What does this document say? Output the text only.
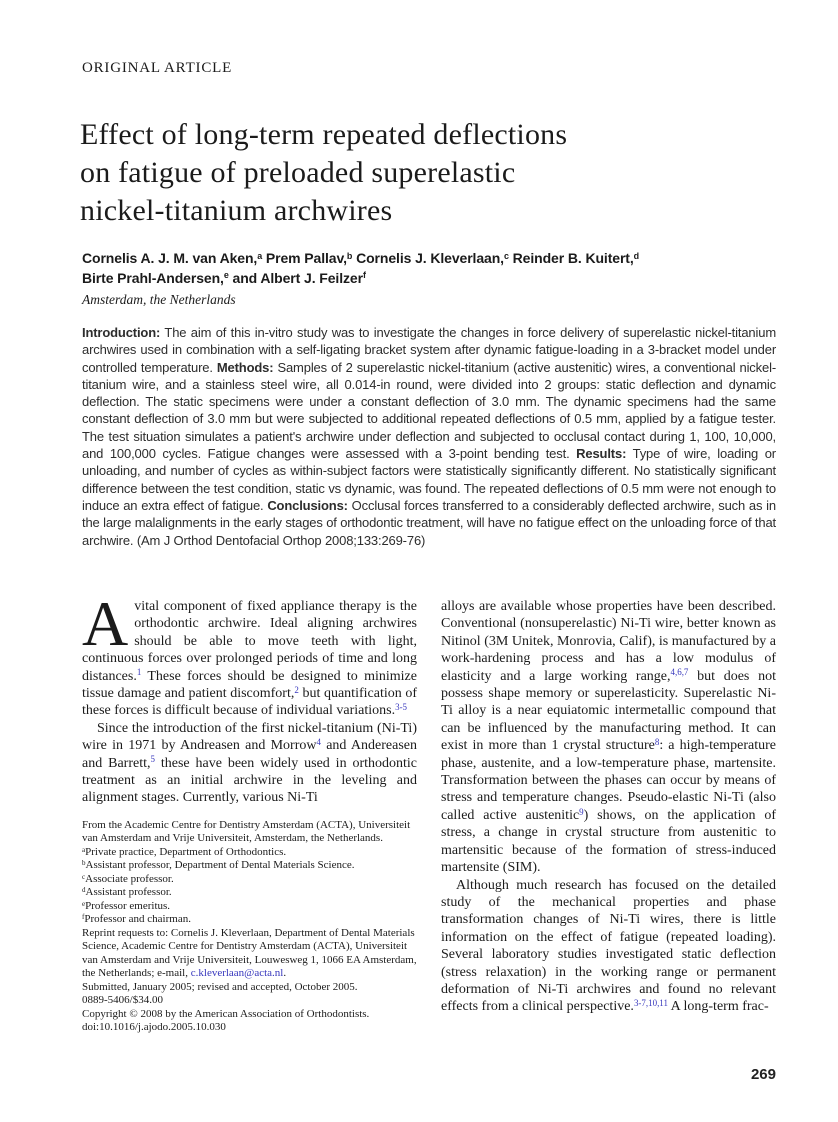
ORIGINAL ARTICLE
Effect of long-term repeated deflections
on fatigue of preloaded superelastic
nickel-titanium archwires
Cornelis A. J. M. van Aken,$^a$ Prem Pallav,$^b$ Cornelis J. Kleverlaan,$^c$ Reinder B. Kuitert,$^d$
Birte Prahl-Andersen,$^e$ and Albert J. Feilzer$^f$
Amsterdam, the Netherlands
Introduction: The aim of this in-vitro study was to investigate the changes in force delivery of superelastic nickel-titanium archwires used in combination with a self-ligating bracket system after dynamic fatigue-loading in a 3-bracket model under controlled temperature. Methods: Samples of 2 superelastic nickel-titanium (active austenitic) wires, a conventional nickel-titanium wire, and a stainless steel wire, all 0.014-in round, were divided into 2 groups: static deflection and dynamic deflection. The static specimens were under a constant deflection of 3.0 mm. The dynamic specimens had the same constant deflection of 3.0 mm but were subjected to additional repeated deflections of 0.5 mm, applied by a fatigue tester. The test situation simulates a patient's archwire under deflection and subjected to occlusal contact during 1, 100, 10,000, and 100,000 cycles. Fatigue changes were assessed with a 3-point bending test. Results: Type of wire, loading or unloading, and number of cycles as within-subject factors were statistically significantly different. No statistically significant difference between the test condition, static vs dynamic, was found. The repeated deflections of 0.5 mm were not enough to induce an extra effect of fatigue. Conclusions: Occlusal forces transferred to a considerably deflected archwire, such as in the large malalignments in the early stages of orthodontic treatment, will have no fatigue effect on the unloading force of that archwire. (Am J Orthod Dentofacial Orthop 2008;133:269-76)

Avital component of fixed appliance therapy is the orthodontic archwire. Ideal aligning archwires should be able to move teeth with light, continuous forces over prolonged periods of time and long distances.$^1$ These forces should be designed to minimize tissue damage and patient discomfort,$^2$ but quantification of these forces is difficult because of individual variations.$^{3-5}$

Since the introduction of the first nickel-titanium (Ni-Ti) wire in 1971 by Andreasen and Morrow$^4$ and Andereasen and Barrett,$^5$ these have been widely used in orthodontic treatment as an initial archwire in the leveling and alignment stages. Currently, various Ni-Ti

From the Academic Centre for Dentistry Amsterdam (ACTA), Universiteit van Amsterdam and Vrije Universiteit, Amsterdam, the Netherlands.
$^a$Private practice, Department of Orthodontics.
$^b$Assistant professor, Department of Dental Materials Science.
$^c$Associate professor.
$^d$Assistant professor.
$^e$Professor emeritus.
$^f$Professor and chairman.
Reprint requests to: Cornelis J. Kleverlaan, Department of Dental Materials Science, Academic Centre for Dentistry Amsterdam (ACTA), Universiteit van Amsterdam and Vrije Universiteit, Louwesweg 1, 1066 EA Amsterdam, the Netherlands; e-mail, c.kleverlaan@acta.nl.
Submitted, January 2005; revised and accepted, October 2005.
0889-5406/$34.00
Copyright © 2008 by the American Association of Orthodontists.
doi:10.1016/j.ajodo.2005.10.030

alloys are available whose properties have been described. Conventional (nonsuperelastic) Ni-Ti wire, better known as Nitinol (3M Unitek, Monrovia, Calif), is manufactured by a work-hardening process and has a low modulus of elasticity and a large working range,$^{4,6,7}$ but does not possess shape memory or superelasticity. Superelastic Ni-Ti alloy is a near equiatomic intermetallic compound that can be influenced by the manufacturing method. It can exist in more than 1 crystal structure$^8$: a high-temperature phase, austenite, and a low-temperature phase, martensite. Transformation between the phases can occur by means of stress and temperature changes. Pseudo-elastic Ni-Ti (also called active austenitic$^9$) shows, on the application of stress, a change in crystal structure from austenitic to martensitic because of the formation of stress-induced martensite (SIM).

Although much research has focused on the detailed study of the mechanical properties and phase transformation changes of Ni-Ti wires, there is little information on the effect of fatigue (repeated loading). Several laboratory studies investigated static deflection (stress relaxation) in the working range or permanent deformation of Ni-Ti archwires and found no relevant effects from a clinical perspective.$^{3-7,10,11}$ A long-term frac-

269
